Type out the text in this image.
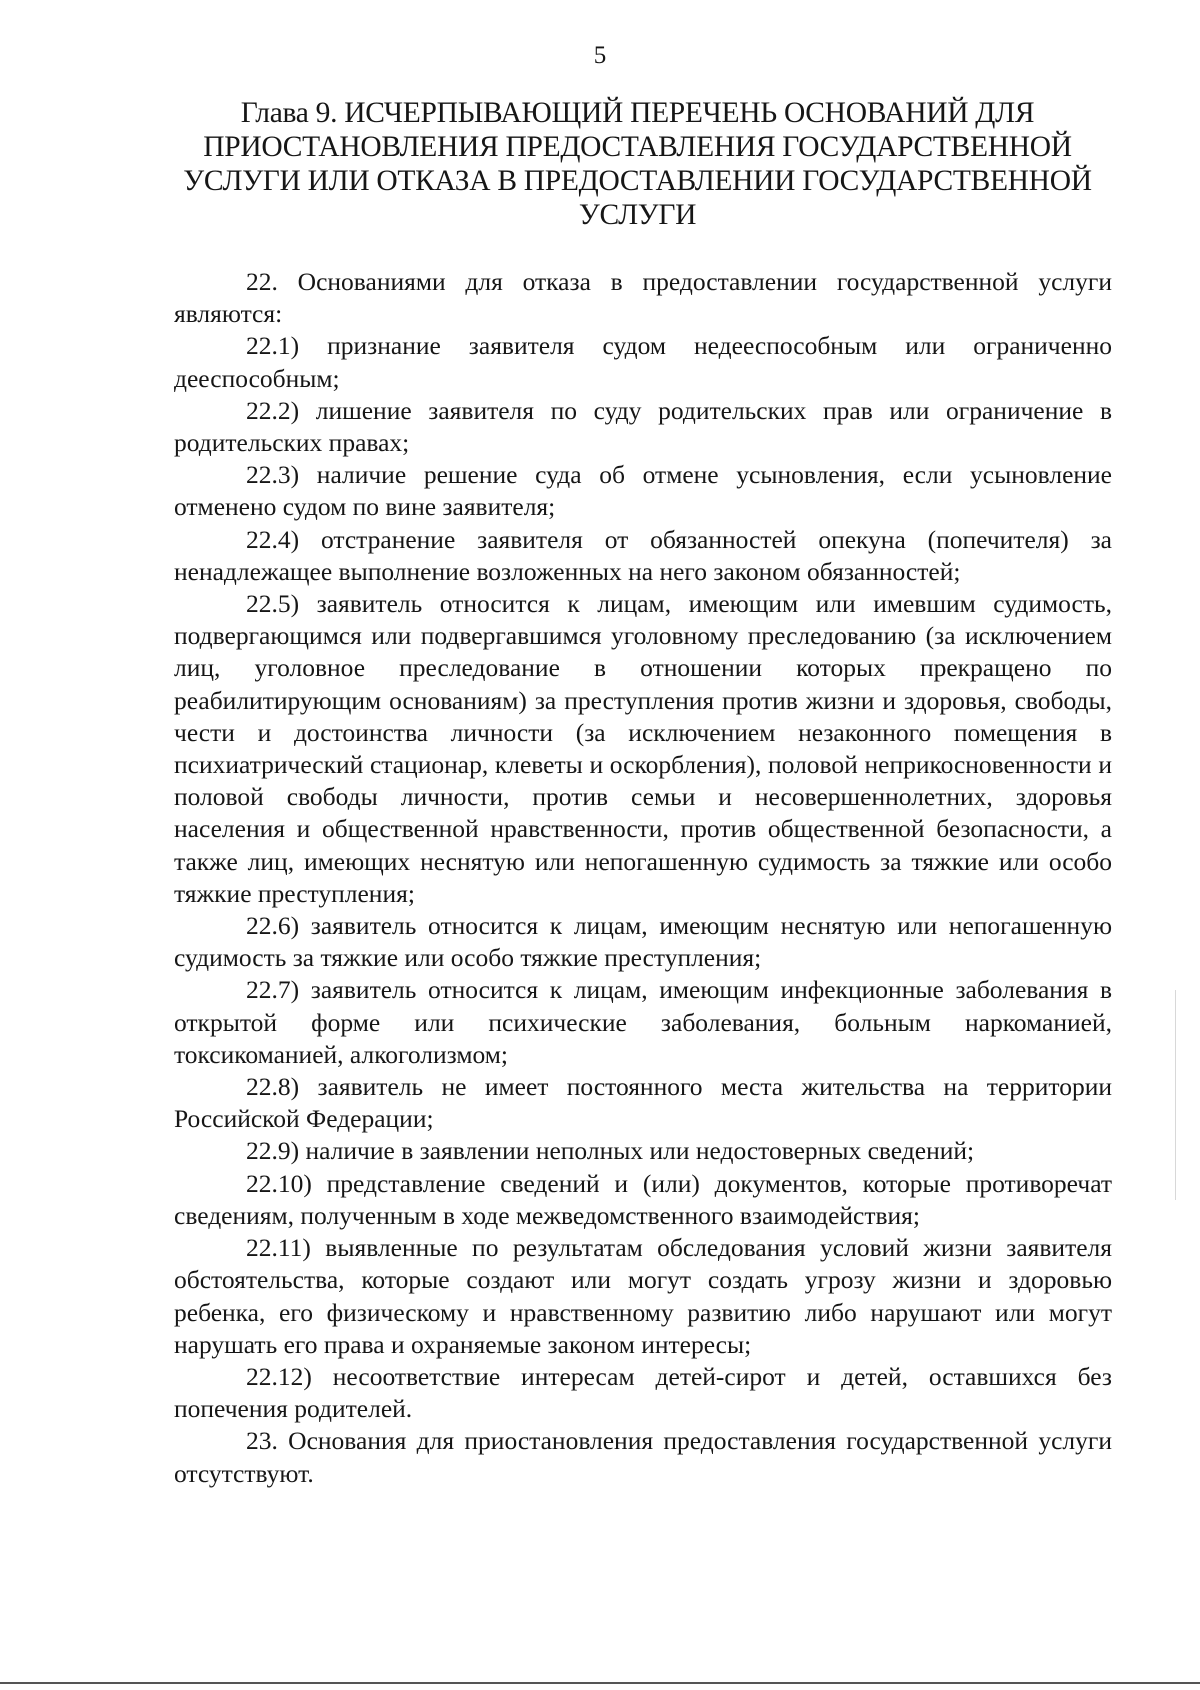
5
Глава 9. ИСЧЕРПЫВАЮЩИЙ ПЕРЕЧЕНЬ ОСНОВАНИЙ ДЛЯ
ПРИОСТАНОВЛЕНИЯ ПРЕДОСТАВЛЕНИЯ ГОСУДАРСТВЕННОЙ
УСЛУГИ ИЛИ ОТКАЗА В ПРЕДОСТАВЛЕНИИ ГОСУДАРСТВЕННОЙ
УСЛУГИ

22. Основаниями для отказа в предоставлении государственной услуги являются:

22.1) признание заявителя судом недееспособным или ограниченно дееспособным;

22.2) лишение заявителя по суду родительских прав или ограничение в родительских правах;

22.3) наличие решение суда об отмене усыновления, если усыновление отменено судом по вине заявителя;

22.4) отстранение заявителя от обязанностей опекуна (попечителя) за ненадлежащее выполнение возложенных на него законом обязанностей;

22.5) заявитель относится к лицам, имеющим или имевшим судимость, подвергающимся или подвергавшимся уголовному преследованию (за исключением лиц, уголовное преследование в отношении которых прекращено по реабилитирующим основаниям) за преступления против жизни и здоровья, свободы, чести и достоинства личности (за исключением незаконного помещения в психиатрический стационар, клеветы и оскорбления), половой неприкосновенности и половой свободы личности, против семьи и несовершеннолетних, здоровья населения и общественной нравственности, против общественной безопасности, а также лиц, имеющих неснятую или непогашенную судимость за тяжкие или особо тяжкие преступления;

22.6) заявитель относится к лицам, имеющим неснятую или непогашенную судимость за тяжкие или особо тяжкие преступления;

22.7) заявитель относится к лицам, имеющим инфекционные заболевания в открытой форме или психические заболевания, больным наркоманией, токсикоманией, алкоголизмом;

22.8) заявитель не имеет постоянного места жительства на территории Российской Федерации;

22.9) наличие в заявлении неполных или недостоверных сведений;

22.10) представление сведений и (или) документов, которые противоречат сведениям, полученным в ходе межведомственного взаимодействия;

22.11) выявленные по результатам обследования условий жизни заявителя обстоятельства, которые создают или могут создать угрозу жизни и здоровью ребенка, его физическому и нравственному развитию либо нарушают или могут нарушать его права и охраняемые законом интересы;

22.12) несоответствие интересам детей-сирот и детей, оставшихся без попечения родителей.

23. Основания для приостановления предоставления государственной услуги отсутствуют.
